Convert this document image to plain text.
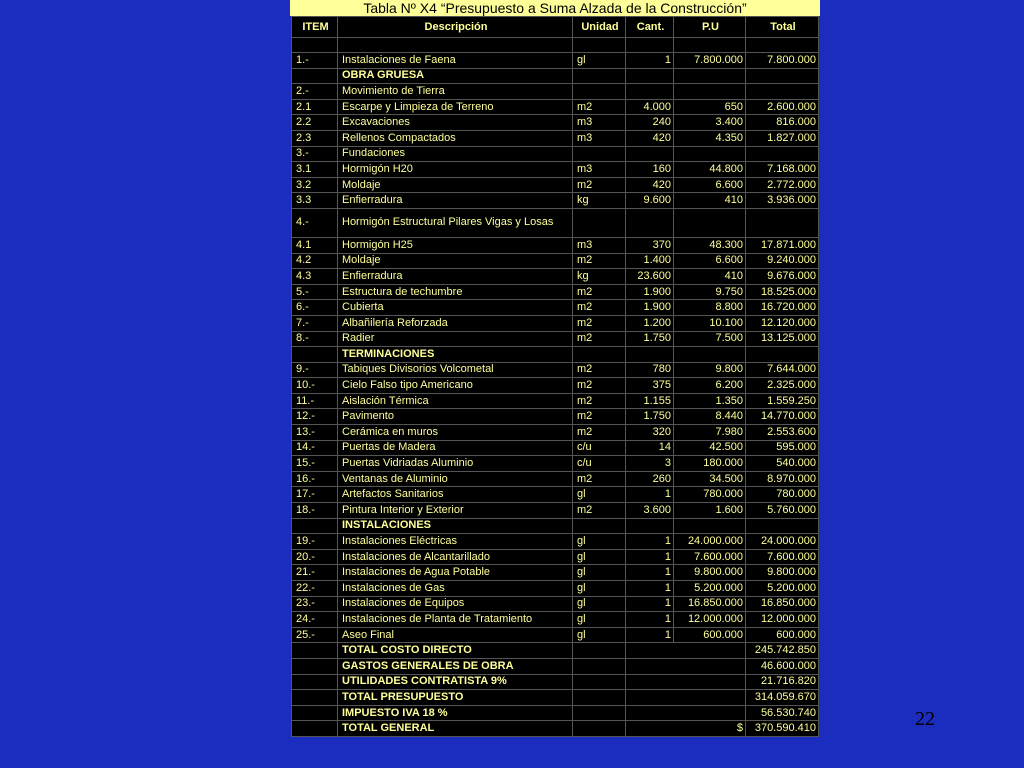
Tabla Nº X4 “Presupuesto a Suma Alzada de la Construcción”
ITEM	Descripción	Unidad	Cant.	P.U	Total

1.-	Instalaciones de Faena	gl	1	7.800.000	7.800.000
	OBRA GRUESA				
2.-	Movimiento de Tierra				
2.1	Escarpe y Limpieza de Terreno	m2	4.000	650	2.600.000
2.2	Excavaciones	m3	240	3.400	816.000
2.3	Rellenos Compactados	m3	420	4.350	1.827.000
3.-	Fundaciones				
3.1	Hormigón H20	m3	160	44.800	7.168.000
3.2	Moldaje	m2	420	6.600	2.772.000
3.3	Enfierradura	kg	9.600	410	3.936.000
4.-	Hormigón Estructural Pilares Vigas y Losas				
4.1	Hormigón H25	m3	370	48.300	17.871.000
4.2	Moldaje	m2	1.400	6.600	9.240.000
4.3	Enfierradura	kg	23.600	410	9.676.000
5.-	Estructura de techumbre	m2	1.900	9.750	18.525.000
6.-	Cubierta	m2	1.900	8.800	16.720.000
7.-	Albañilería Reforzada	m2	1.200	10.100	12.120.000
8.-	Radier	m2	1.750	7.500	13.125.000
	TERMINACIONES				
9.-	Tabiques Divisorios Volcometal	m2	780	9.800	7.644.000
10.-	Cielo Falso tipo Americano	m2	375	6.200	2.325.000
11.-	Aislación Térmica	m2	1.155	1.350	1.559.250
12.-	Pavimento	m2	1.750	8.440	14.770.000
13.-	Cerámica en muros	m2	320	7.980	2.553.600
14.-	Puertas de Madera	c/u	14	42.500	595.000
15.-	Puertas Vidriadas Aluminio	c/u	3	180.000	540.000
16.-	Ventanas de Aluminio	m2	260	34.500	8.970.000
17.-	Artefactos Sanitarios	gl	1	780.000	780.000
18.-	Pintura Interior y Exterior	m2	3.600	1.600	5.760.000
	INSTALACIONES				
19.-	Instalaciones Eléctricas	gl	1	24.000.000	24.000.000
20.-	Instalaciones de Alcantarillado	gl	1	7.600.000	7.600.000
21.-	Instalaciones de Agua Potable	gl	1	9.800.000	9.800.000
22.-	Instalaciones de Gas	gl	1	5.200.000	5.200.000
23.-	Instalaciones de Equipos	gl	1	16.850.000	16.850.000
24.-	Instalaciones de Planta de Tratamiento	gl	1	12.000.000	12.000.000
25.-	Aseo Final	gl	1	600.000	600.000
	TOTAL COSTO DIRECTO				245.742.850
	GASTOS GENERALES DE OBRA				46.600.000
	UTILIDADES CONTRATISTA 9%				21.716.820
	TOTAL PRESUPUESTO				314.059.670
	IMPUESTO IVA 18 %				56.530.740
	TOTAL GENERAL		$		370.590.410	22
